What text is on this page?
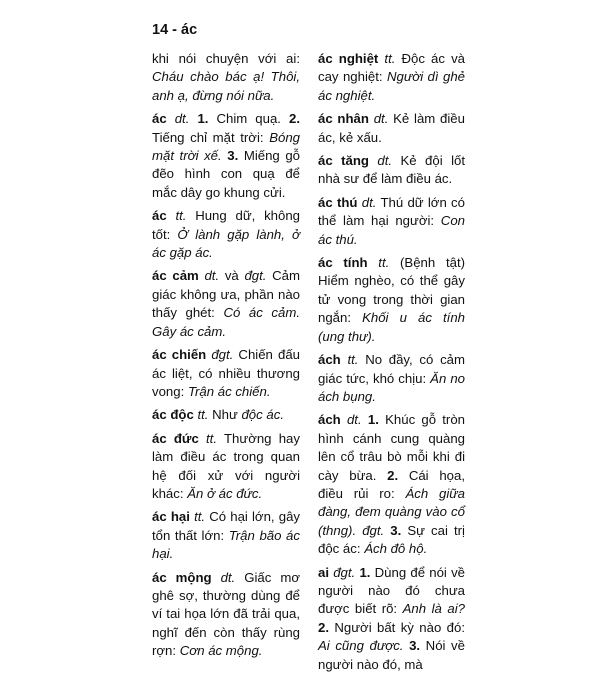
14 - ác

khi nói chuyện với ai: Cháu chào bác ạ! Thôi, anh ạ, đừng nói nữa.

ác dt. 1. Chim quạ. 2. Tiếng chỉ mặt trời: Bóng mặt trời xế. 3. Miếng gỗ đẽo hình con quạ để mắc dây go khung cửi.

ác tt. Hung dữ, không tốt: Ở lành gặp lành, ở ác gặp ác.

ác cảm dt. và đgt. Cảm giác không ưa, phần nào thấy ghét: Có ác cảm. Gây ác cảm.

ác chiến đgt. Chiến đấu ác liệt, có nhiều thương vong: Trận ác chiến.

ác độc tt. Như độc ác.

ác đức tt. Thường hay làm điều ác trong quan hệ đối xử với người khác: Ăn ở ác đức.

ác hại tt. Có hại lớn, gây tổn thất lớn: Trận bão ác hại.

ác mộng dt. Giấc mơ ghê sợ, thường dùng để ví tai họa lớn đã trải qua, nghĩ đến còn thấy rùng rợn: Cơn ác mộng.

ác nghiệt tt. Độc ác và cay nghiệt: Người dì ghẻ ác nghiệt.

ác nhân dt. Kẻ làm điều ác, kẻ xấu.

ác tăng dt. Kẻ đội lốt nhà sư để làm điều ác.

ác thú dt. Thú dữ lớn có thể làm hại người: Con ác thú.

ác tính tt. (Bệnh tật) Hiểm nghèo, có thể gây tử vong trong thời gian ngắn: Khối u ác tính (ung thư).

ách tt. No đầy, có cảm giác tức, khó chịu: Ăn no ách bụng.

ách dt. 1. Khúc gỗ tròn hình cánh cung quàng lên cổ trâu bò mỗi khi đi cày bừa. 2. Cái họa, điều rủi ro: Ách giữa đàng, đem quàng vào cổ (thng). đgt. 3. Sự cai trị độc ác: Ách đô hộ.

ai đgt. 1. Dùng để nói về người nào đó chưa được biết rõ: Anh là ai? 2. Người bất kỳ nào đó: Ai cũng được. 3. Nói về người nào đó, mà
